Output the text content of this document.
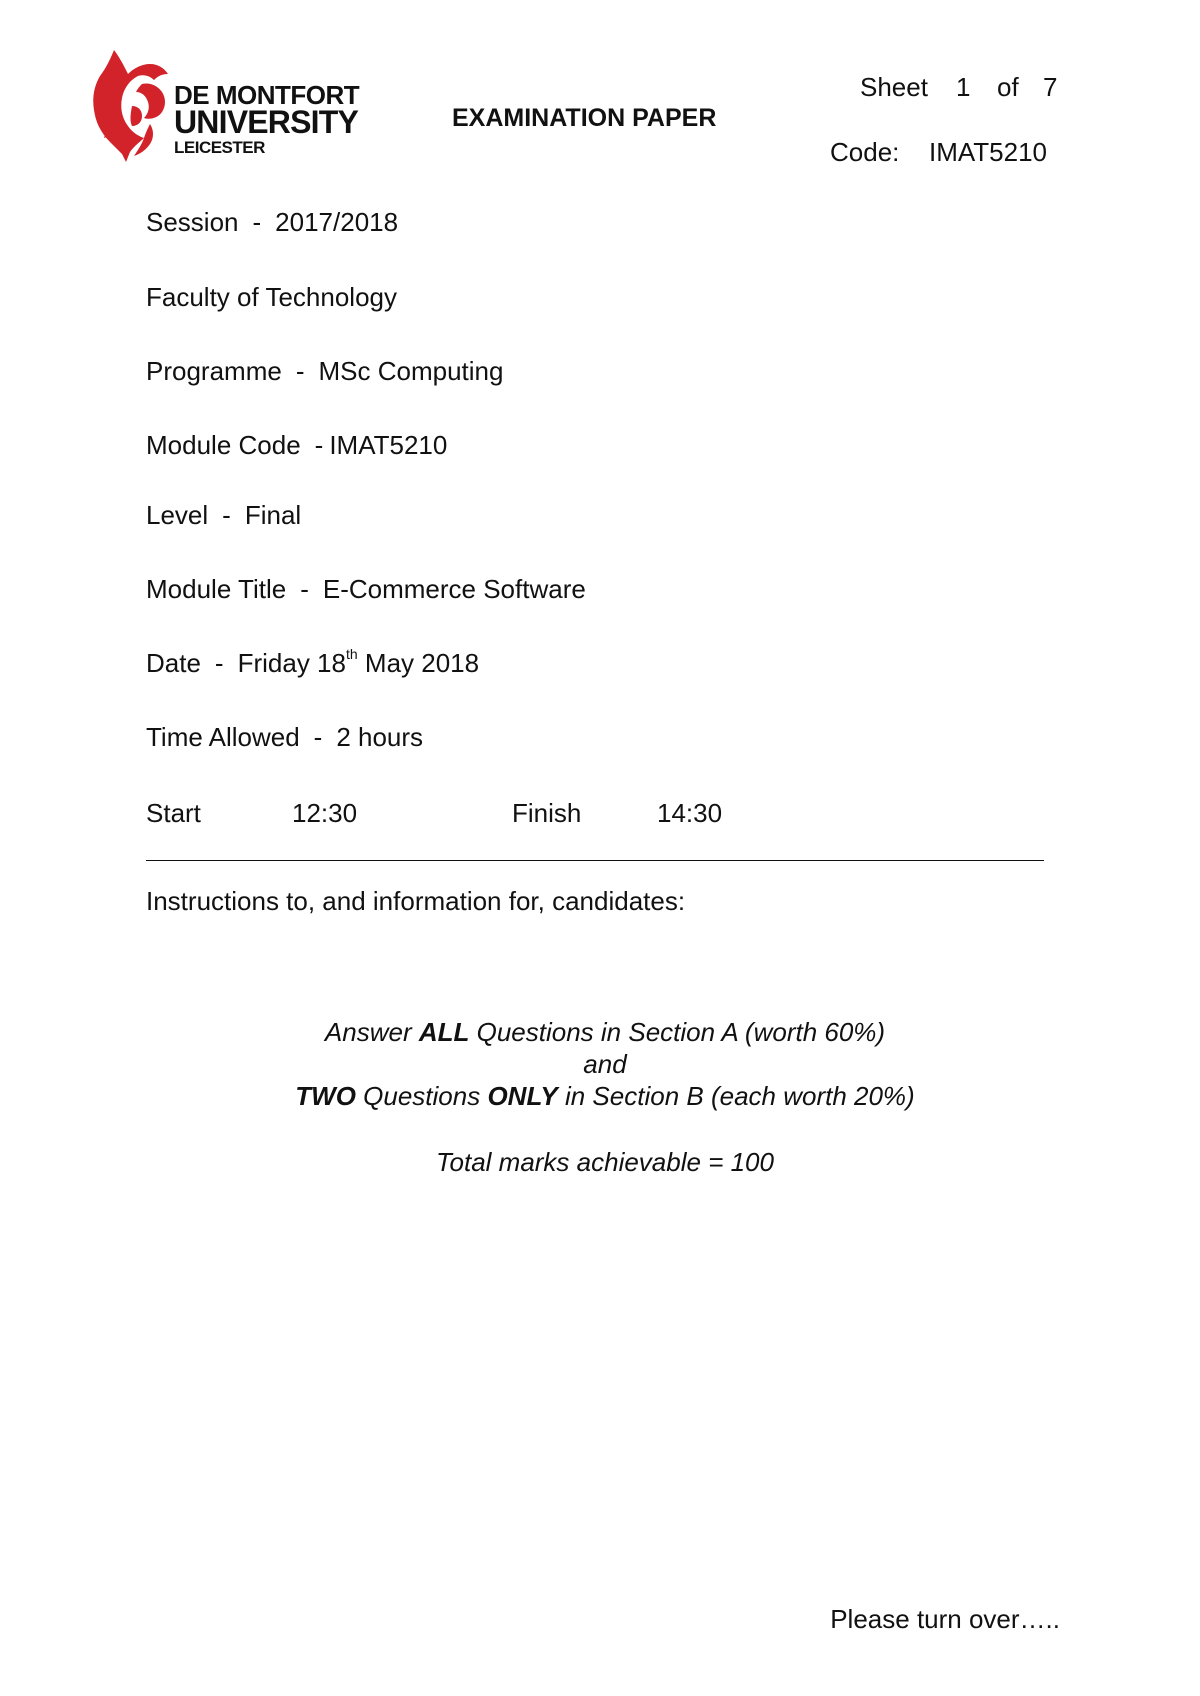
DE MONTFORT
UNIVERSITY
LEICESTER
EXAMINATION PAPER
Sheet 1 of 7
Code: IMAT5210
Session - 2017/2018
Faculty of Technology
Programme - MSc Computing
Module Code - IMAT5210
Level - Final
Module Title - E-Commerce Software
Date - Friday 18th May 2018
Time Allowed - 2 hours
Start	12:30	Finish	14:30
Instructions to, and information for, candidates:
Answer ALL Questions in Section A (worth 60%)
and
TWO Questions ONLY in Section B (each worth 20%)
Total marks achievable = 100
Please turn over…..
